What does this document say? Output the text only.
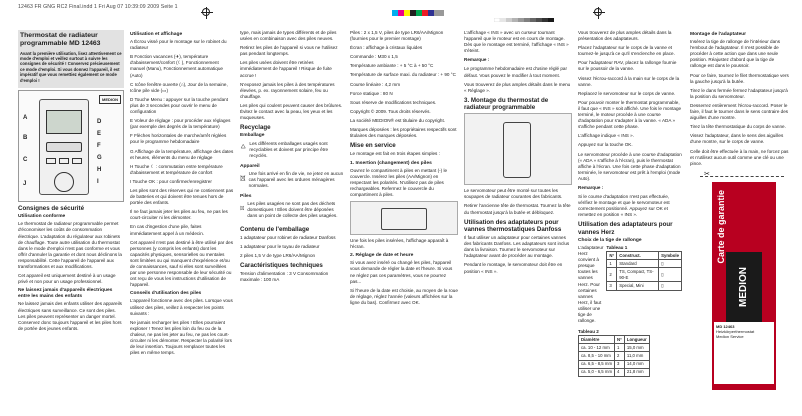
12463 FR GNG RC2 Final.indd 1 Fri Aug 07 10:39:09 2009 Seite 1
Thermostat de radiateur programmable MD 12463

Avant la première utilisation, lisez attentivement ce mode d'emploi et veillez surtout à suivre les consignes de sécurité ! Conservez précieusement ce mode d'emploi. Si vous donnez l'appareil, il est impératif que vous remettiez également ce mode d'emploi !

MEDION
A
B
C
D
E
F
G
H
I
J
Consignes de sécurité
Utilisation conforme

Le thermostat de radiateur programmable permet d'économiser les coûts de consommation électrique. L'adaptation du régulateur aux robinets de chauffage. Toute autre utilisation du thermostat dans le mode d'emploi n'est pas conforme et vous offrir d'annuler la garantie et dont nous déclinons la responsabilité. Cette l'appareil de l'appareil aux transformations et aux modifications.

Cet appareil est uniquement destiné à un usage privé et non pour un usage professionnel.

Ne laissez jamais d'appareils électriques entre les mains des enfants

Ne laissez jamais des enfants utiliser des appareils électriques sans surveillance. Ce sont des piles. Les piles peuvent représenter un danger mortel. Conservez donc toujours l'appareil et les piles hors de portée des jeunes enfants.

Utilisation et affichage

A Écrou vissé pour le montage sur le robinet du radiateur

B Fonction vacances (✈), température d'abaissement/confort (☾), Fonctionnement manuel (Manu), Fonctionnement automatique (Auto)

C Icône fenêtre ouverte (⌂), Jour de la semaine, Icône pile vide (▭)

D Touche Menu : appuyer sur la touche pendant plus de 3 secondes pour ouvrir le menu de configuration

E Voleur de réglage : pour procéder aux réglages (par exemple des degrés de la température)

F Flèches horizontales de marche/arrêt réglées pour le programme hebdomadaire

G Affichage de la température, affichage des dates et heures, éléments du menu de réglage

H Touche ☾ : commutation entre température d'abaissement et température de confort

I Touche OK : pour confirmer/enregistrer

Les piles sont des réserves qui ne contiennent pas de batteries et qui doivent être tenues hors de portée des enfants.

Il ne faut jamais jeter les piles au feu, ne pas les court-circuiter ni les démonter.

En cas d'ingestion d'une pile, faites immédiatement appel à un médecin.

Cet appareil n'est pas destiné à être utilisé par des personnes (y compris les enfants) dont les capacités physiques, sensorielles ou mentales sont limitées ou qui manquent d'expérience et/ou de connaissances, sauf si elles sont surveillées par une personne responsable de leur sécurité ou ont reçu de vous les instructions d'utilisation de l'appareil.

Conseils d'utilisation des piles

L'appareil fonctionne avec des piles. Lorsque vous utilisez des piles, veillez à respecter les points suivants :

Ne jamais recharger les piles ! Elles pourraient exploser ! Tenez les piles loin du feu ou de la chaleur, ne pas les jeter au feu, ne pas les court-circuiter ni les démonter. Respecter la polarité lors de leur insertion. Toujours remplacer toutes les piles en même temps.

type, mais jamais de types différents et de piles usées en combinaison avec des piles neuves.

Retirez les piles de l'appareil si vous ne l'utilisez pas pendant longtemps.

Les piles usées doivent être retirées immédiatement de l'appareil ! Risque de fuite accrue !

N'exposez jamais les piles à des températures élevées, p. ex. rayonnement solaire, feu ou chauffage.

Les piles qui coulent peuvent causer des brûlures. Évitez le contact avec la peau, les yeux et les muqueuses.

Recyclage
Emballage

Les différents emballages usagés sont recyclables et doivent par principe être recyclés.

Appareil

Une fois arrivé en fin de vie, ne jetez en aucun cas l'appareil avec les ordures ménagères normales.

Piles

Les piles usagées ne sont pas des déchets domestiques ! Elles doivent être déposées dans un point de collecte des piles usagées.

Contenu de l'emballage

1 adaptateur pour robinet de radiateur Danfoss

1 adaptateur pour le tuyau de radiateur

2 piles 1,5 V de type LR6/AA/Mignon

Caractéristiques techniques

Tension d'alimentation : 3 V Consommation maximale : 100 mA

Piles : 2 x 1,5 V, piles de type LR6/AA/Mignon (fournies pour le premier montage)

Écran : affichage à cristaux liquides

Commande : M30 x 1,5

Température ambiante : + 5 °C à + 50 °C

Température de surface maxi. du radiateur : + 90 °C

Course linéaire : 4,2 mm

Force statique : 80 N

Sous réserve de modifications techniques.

Copyright © 2009. Tous droits réservés.

La société MEDION® est titulaire du copyright.

Marques déposées : les propriétaires respectifs sont titulaires des marques déposées.

Mise en service

Le montage est fait en trois étapes simples :

1. Insertion (changement) des piles

Ouvrez le compartiment à piles en mettant (-) le couvercle. Insérez les piles (AA/Mignon) en respectant les polarités. N'utilisez pas de piles rechargeables. Refermez le couvercle du compartiment à piles.

Une fois les piles insérées, l'affichage apparaît à l'écran.

2. Réglage de date et heure

Si vous avez inséré ou changé les piles, l'appareil vous demande de régler la date et l'heure. Si vous ne réglez pas ces paramètres, vous ne pourrez pas...

Si l'heure de la date est choisie, au moyen de la roue de réglage, réglez l'année (valeurs affichées sur la ligne du bas). Confirmez avec OK.

L'affichage « INS » avec un curseur tournant l'appareil que le moteur est en cours de montage. Dès que le montage est terminé, l'affichage « INS » s'éteint.

Remarque :

Le programme hebdomadaire est d'usine réglé par défaut. Vous pouvez le modifier à tout moment.

Vous trouverez de plus amples détails dans le menu « Réglage ».

3. Montage du thermostat de radiateur programmable

Le servomoteur peut être monté sur toutes les soupapes de radiateur courantes des fabricants.

Retirer l'ancienne tête de thermostat. Tournez la tête du thermostat jusqu'à la butée et débloquez.

Utilisation des adaptateurs pour vannes thermostatiques Danfoss

Il faut utiliser un adaptateur pour certaines vannes des fabricants Danfoss. Les adaptateurs sont inclus dans la livraison. Tournez le servomoteur sur l'adaptateur avant de procéder au montage.

Pendant le montage, le servomoteur doit être en position « INS ».

Vous trouverez de plus amples détails dans la présentation des adaptateurs.

Placez l'adaptateur sur le corps de la vanne et tournez-le jusqu'à ce qu'il s'enclenche en place.

Pour l'adaptateur RAV, placez la rallonge fournie sur le poussoir de la vanne.

Vissez l'écrou-raccord à la main sur le corps de la vanne.

Replacez le servomoteur sur le corps de vanne.

Pour pouvoir monter le thermostat programmable, il faut que « INS » soit affiché. Une fois le montage terminé, le moteur procède à une course d'adaptation pour s'adapter à la vanne. « ADA » s'affiche pendant cette phase.

L'affichage indique « INS ».

Appuyez sur la touche OK.

Le servomoteur procède à une course d'adaptation (« ADA » s'affiche à l'écran), puis le thermostat affiche à l'écran. Une fois cette phase d'adaptation terminée, le servomoteur est prêt à l'emploi (mode Auto).

Remarque :

Si le course d'adaptation n'est pas effectuée, vérifiez le montage et que le servomoteur est correctement positionné. Appuyez sur OK et remettez en position « INS ».

Utilisation des adaptateurs pour vannes Herz
Choix de la tige de rallonge

L'adaptateur Herz convient à presque toutes les vannes Herz. Pour certaines vannes Herz, il faut utiliser une tige de rallonge.

Tableau 1
N°	Construct.	Symbole
1	Standard	▯
2	TS, Compact, TS-90-E	▯
3	Special, Mini	▯
Tableau 2
Diamètre	N°	Longueur
ca. 10 - 12 mm	1	15,0 mm
ca. 8,5 - 10 mm	2	11,0 mm
ca. 6,5 - 8,5 mm	3	14,0 mm
ca. 5,0 - 6,5 mm	4	21,8 mm
Montage de l'adaptateur

Insérez la tige de rallonge de l'intérieur dans l'embout de l'adaptateur. Il n'est possible de procéder à cette action que dans une seule position. Réajustez d'abord que la tige de rallonge est dans le poussoir.

Pour ce faire, tournez le filet thermostatique vers la gauche jusqu'à la butée.

Tirez le dans fermée fermez l'adaptateur jusqu'à la position du servomoteur.

Desserrez entièrement l'écrou-raccord. Poser le faire, il faut le tourner dans le sens contraire des aiguilles d'une montre.

Tirez la tête thermostatique du corps de vanne.

Vissez l'adaptateur, dans le sens des aiguilles d'une montre, sur le corps de vanne.

Celle doit être effectuée à la main, ne forcez pas et n'utilisez aucun outil comme une clé ou une pince.

Carte de garantie
MEDION
MD 12463
Heizkörperthermostat
Medion Service
✂
